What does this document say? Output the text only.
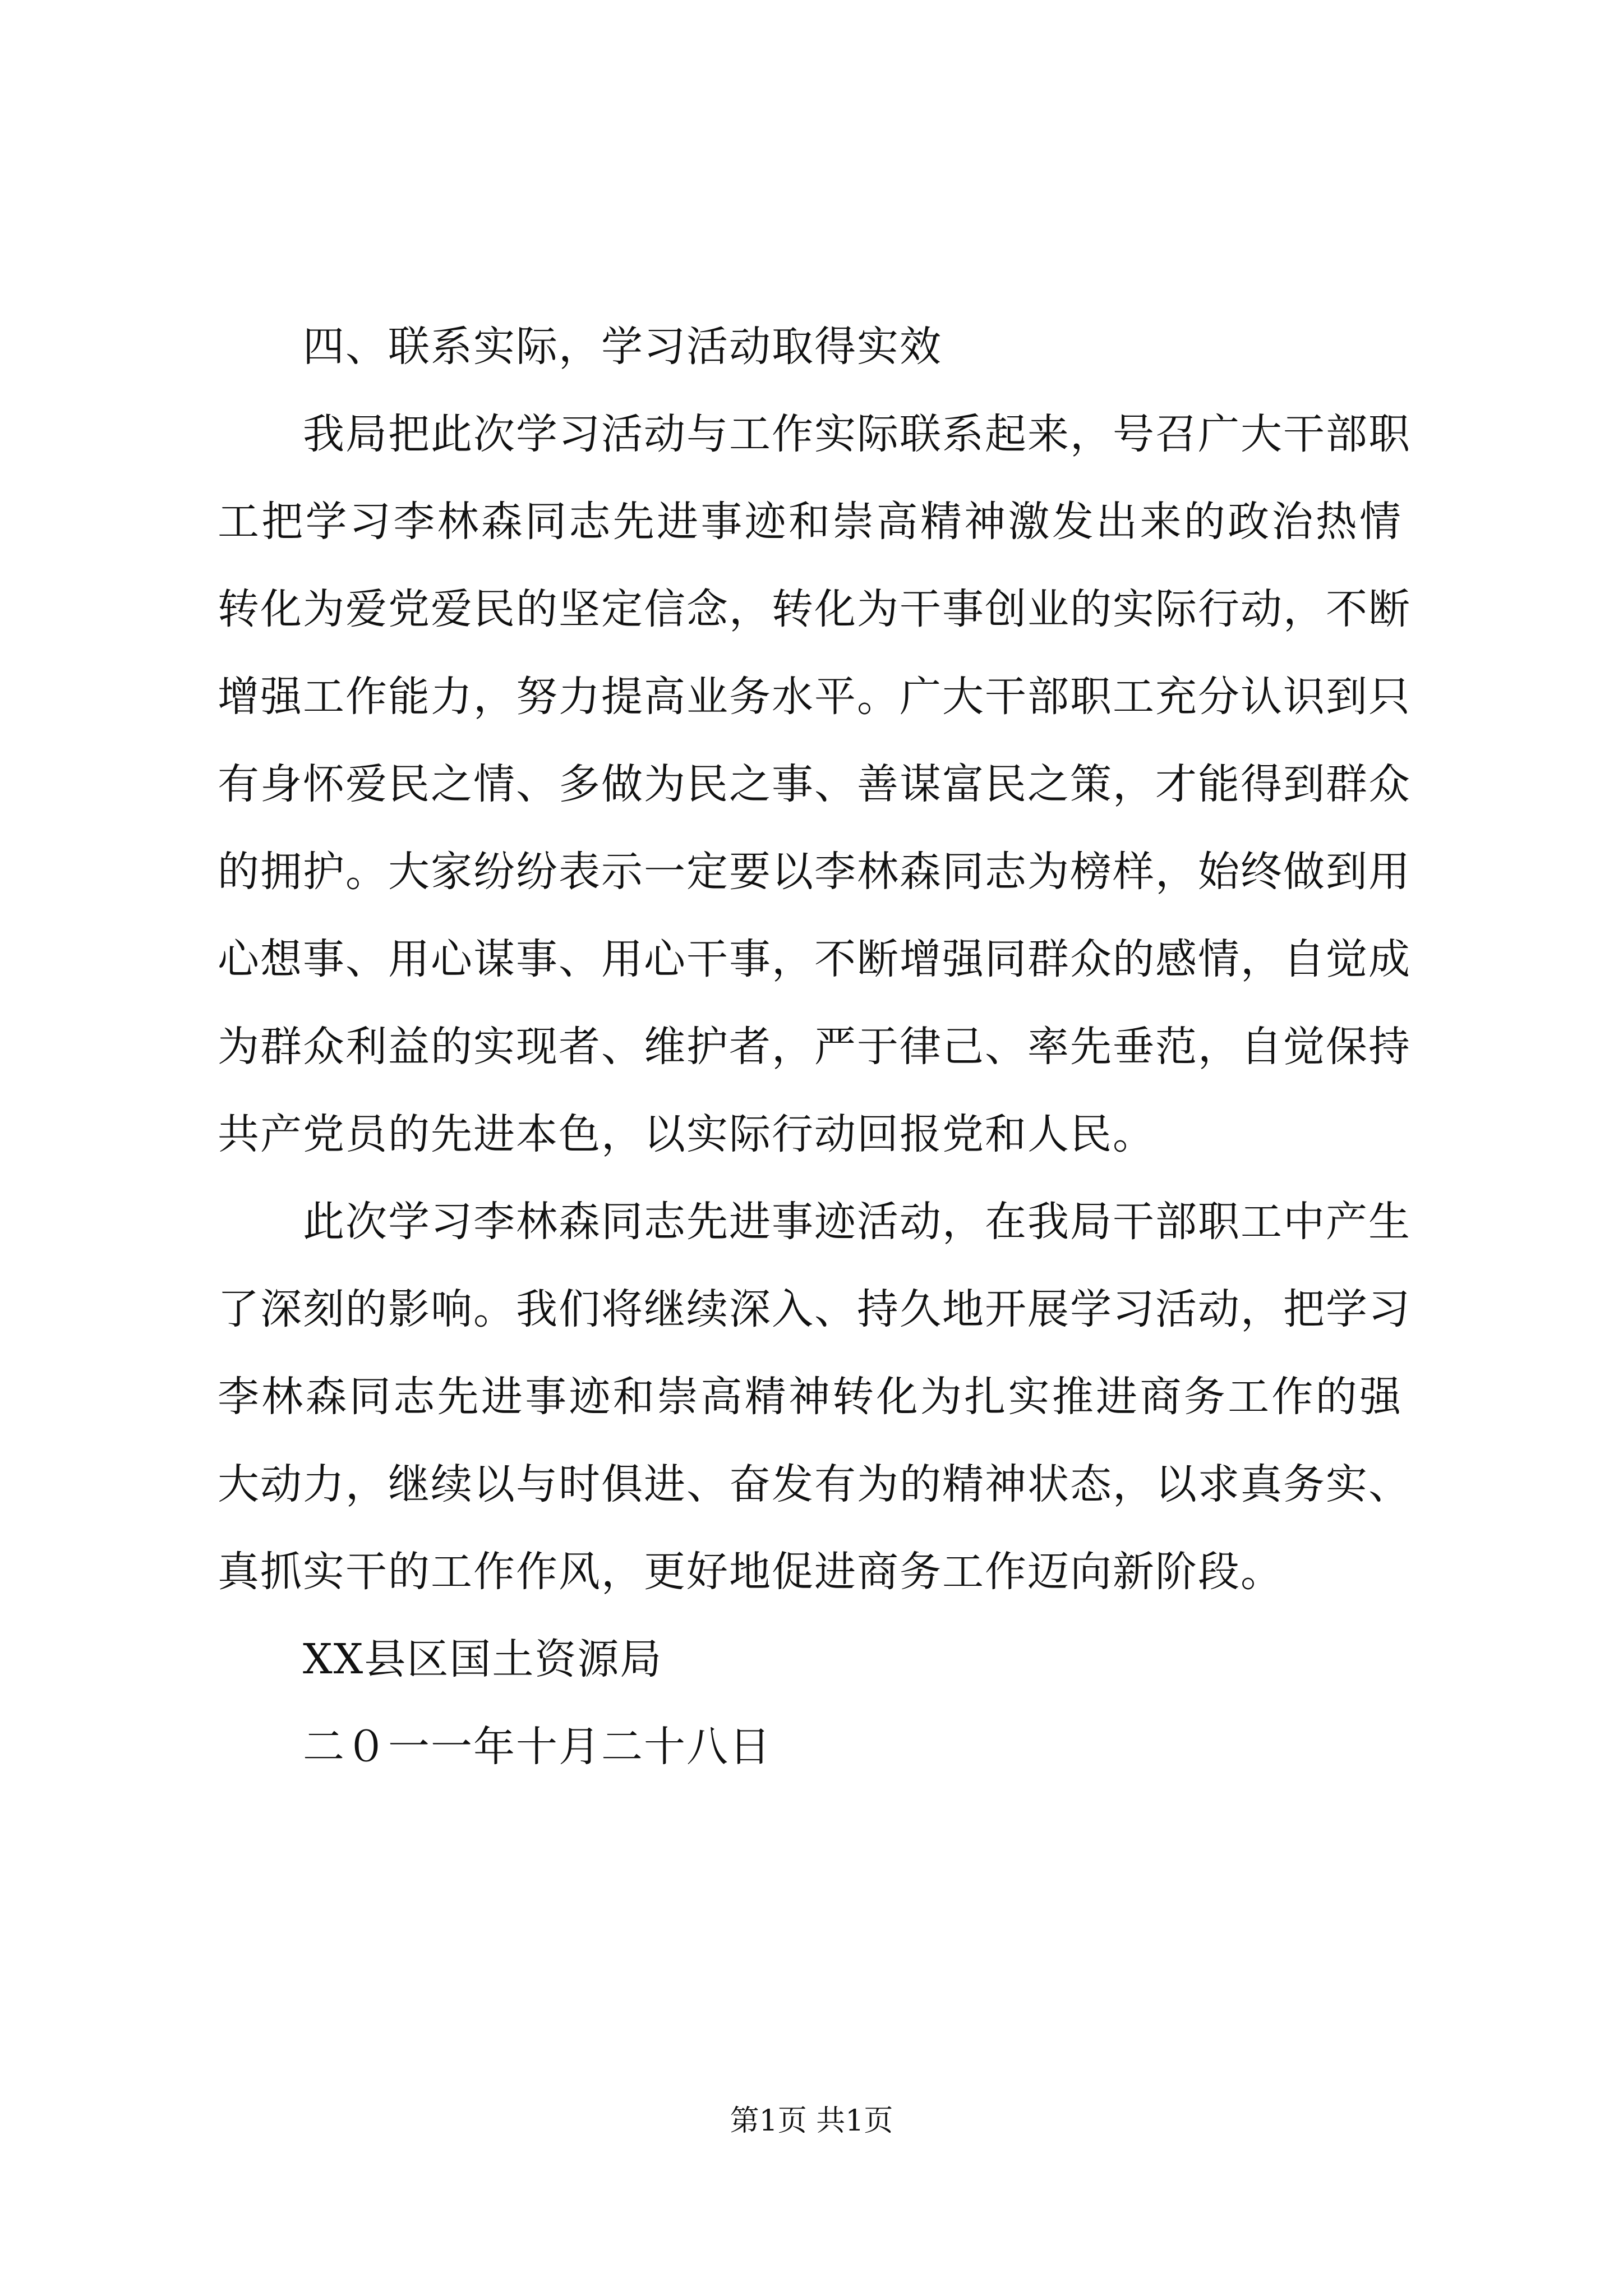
四、联系实际，学习活动取得实效

我局把此次学习活动与工作实际联系起来，号召广大干部职

工把学习李林森同志先进事迹和崇高精神激发出来的政治热情

转化为爱党爱民的坚定信念，转化为干事创业的实际行动，不断

增强工作能力，努力提高业务水平。广大干部职工充分认识到只

有身怀爱民之情、多做为民之事、善谋富民之策，才能得到群众

的拥护。大家纷纷表示一定要以李林森同志为榜样，始终做到用

心想事、用心谋事、用心干事，不断增强同群众的感情，自觉成

为群众利益的实现者、维护者，严于律己、率先垂范，自觉保持

共产党员的先进本色，以实际行动回报党和人民。

此次学习李林森同志先进事迹活动，在我局干部职工中产生

了深刻的影响。我们将继续深入、持久地开展学习活动，把学习

李林森同志先进事迹和崇高精神转化为扎实推进商务工作的强

大动力，继续以与时俱进、奋发有为的精神状态，以求真务实、

真抓实干的工作作风，更好地促进商务工作迈向新阶段。

XX县区国土资源局

二０一一年十月二十八日

第1页 共1页
